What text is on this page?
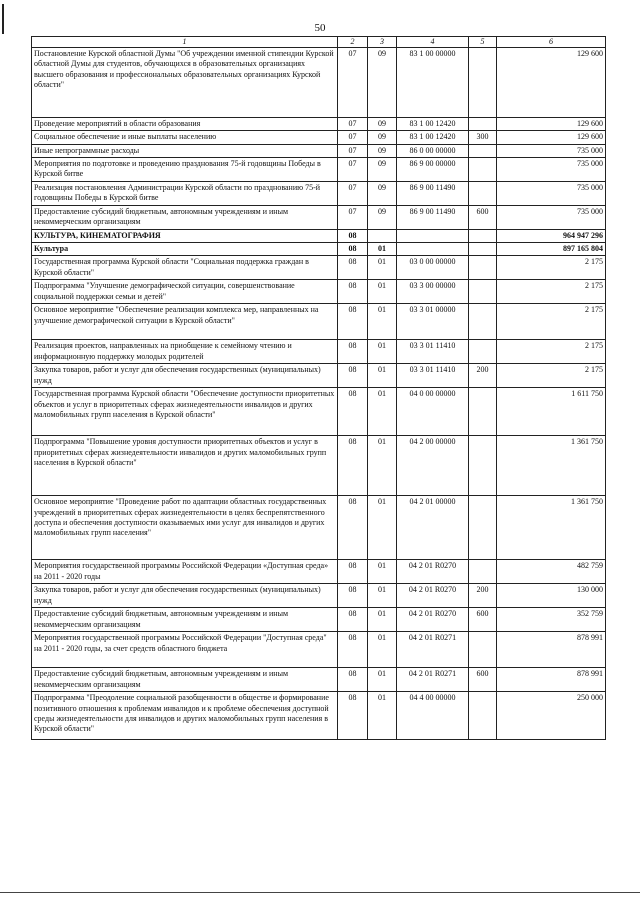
50
1	2	3	4	5	6
Постановление Курской областной Думы "Об учреждении именной стипендии Курской областной Думы для студентов, обучающихся в образовательных организациях высшего образования и профессиональных образовательных организациях Курской области"	07	09	83 1 00 00000		129 600
Проведение мероприятий в области образования	07	09	83 1 00 12420		129 600
Социальное обеспечение и иные выплаты населению	07	09	83 1 00 12420	300	129 600
Иные непрограммные расходы	07	09	86 0 00 00000		735 000
Мероприятия по подготовке и проведению празднования 75-й годовщины Победы в Курской битве	07	09	86 9 00 00000		735 000
Реализация постановления Администрации Курской области по празднованию 75-й годовщины Победы в Курской битве	07	09	86 9 00 11490		735 000
Предоставление субсидий бюджетным, автономным учреждениям и иным некоммерческим организациям	07	09	86 9 00 11490	600	735 000
КУЛЬТУРА, КИНЕМАТОГРАФИЯ	08				964 947 296
Культура	08	01			897 165 804
Государственная программа Курской области "Социальная поддержка граждан в Курской области"	08	01	03 0 00 00000		2 175
Подпрограмма "Улучшение демографической ситуации, совершенствование социальной поддержки семьи и детей"	08	01	03 3 00 00000		2 175
Основное мероприятие "Обеспечение реализации комплекса мер, направленных на улучшение демографической ситуации в Курской области"	08	01	03 3 01 00000		2 175
Реализация проектов, направленных на приобщение к семейному чтению и информационную поддержку молодых родителей	08	01	03 3 01 11410		2 175
Закупка товаров, работ и услуг для обеспечения государственных (муниципальных) нужд	08	01	03 3 01 11410	200	2 175
Государственная программа Курской области "Обеспечение доступности приоритетных объектов и услуг в приоритетных сферах жизнедеятельности инвалидов и других маломобильных групп населения в Курской области"	08	01	04 0 00 00000		1 611 750
Подпрограмма "Повышение уровня доступности приоритетных объектов и услуг в приоритетных сферах жизнедеятельности инвалидов и других маломобильных групп населения в Курской области"	08	01	04 2 00 00000		1 361 750
Основное мероприятие "Проведение работ по адаптации областных государственных учреждений в приоритетных сферах жизнедеятельности в целях беспрепятственного доступа и обеспечения доступности оказываемых ими услуг для инвалидов и других маломобильных групп населения"	08	01	04 2 01 00000		1 361 750
Мероприятия государственной программы Российской Федерации «Доступная среда» на 2011 - 2020 годы	08	01	04 2 01 R0270		482 759
Закупка товаров, работ и услуг для обеспечения государственных (муниципальных) нужд	08	01	04 2 01 R0270	200	130 000
Предоставление субсидий бюджетным, автономным учреждениям и иным некоммерческим организациям	08	01	04 2 01 R0270	600	352 759
Мероприятия государственной программы Российской Федерации "Доступная среда" на 2011 - 2020 годы, за счет средств областного бюджета	08	01	04 2 01 R0271		878 991
Предоставление субсидий бюджетным, автономным учреждениям и иным некоммерческим организациям	08	01	04 2 01 R0271	600	878 991
Подпрограмма "Преодоление социальной разобщенности в обществе и формирование позитивного отношения к проблемам инвалидов и к проблеме обеспечения доступной среды жизнедеятельности для инвалидов и других маломобильных групп населения в Курской области"	08	01	04 4 00 00000		250 000
